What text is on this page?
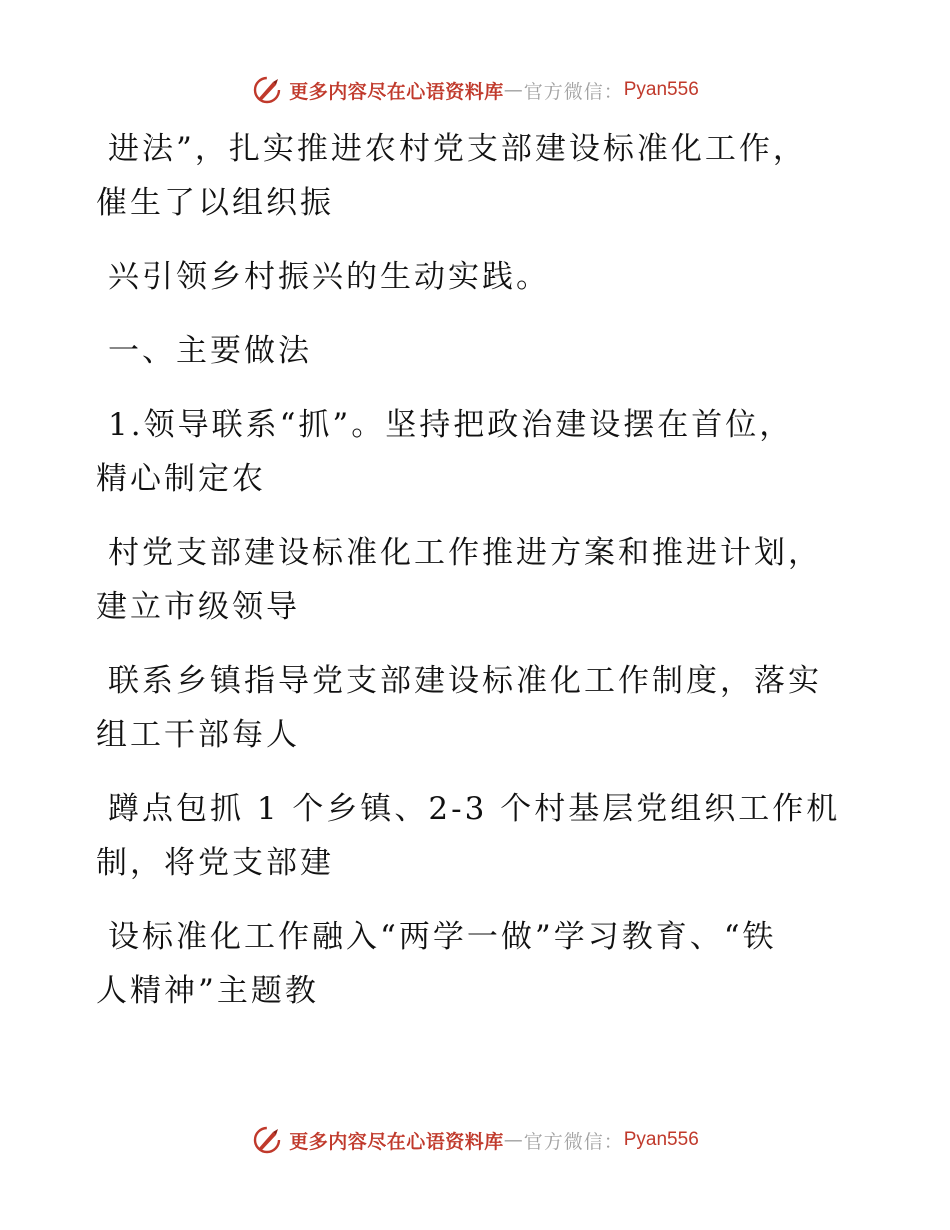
更多内容尽在心语资料库 — 官方微信： Pyan556

进法”，扎实推进农村党支部建设标准化工作，
催生了以组织振

兴引领乡村振兴的生动实践。

一、主要做法

1.领导联系“抓”。坚持把政治建设摆在首位，
精心制定农

村党支部建设标准化工作推进方案和推进计划，
建立市级领导

联系乡镇指导党支部建设标准化工作制度，落实
组工干部每人

蹲点包抓 1 个乡镇、2-3 个村基层党组织工作机
制，将党支部建

设标准化工作融入“两学一做”学习教育、“铁
人精神”主题教

更多内容尽在心语资料库 — 官方微信： Pyan556
